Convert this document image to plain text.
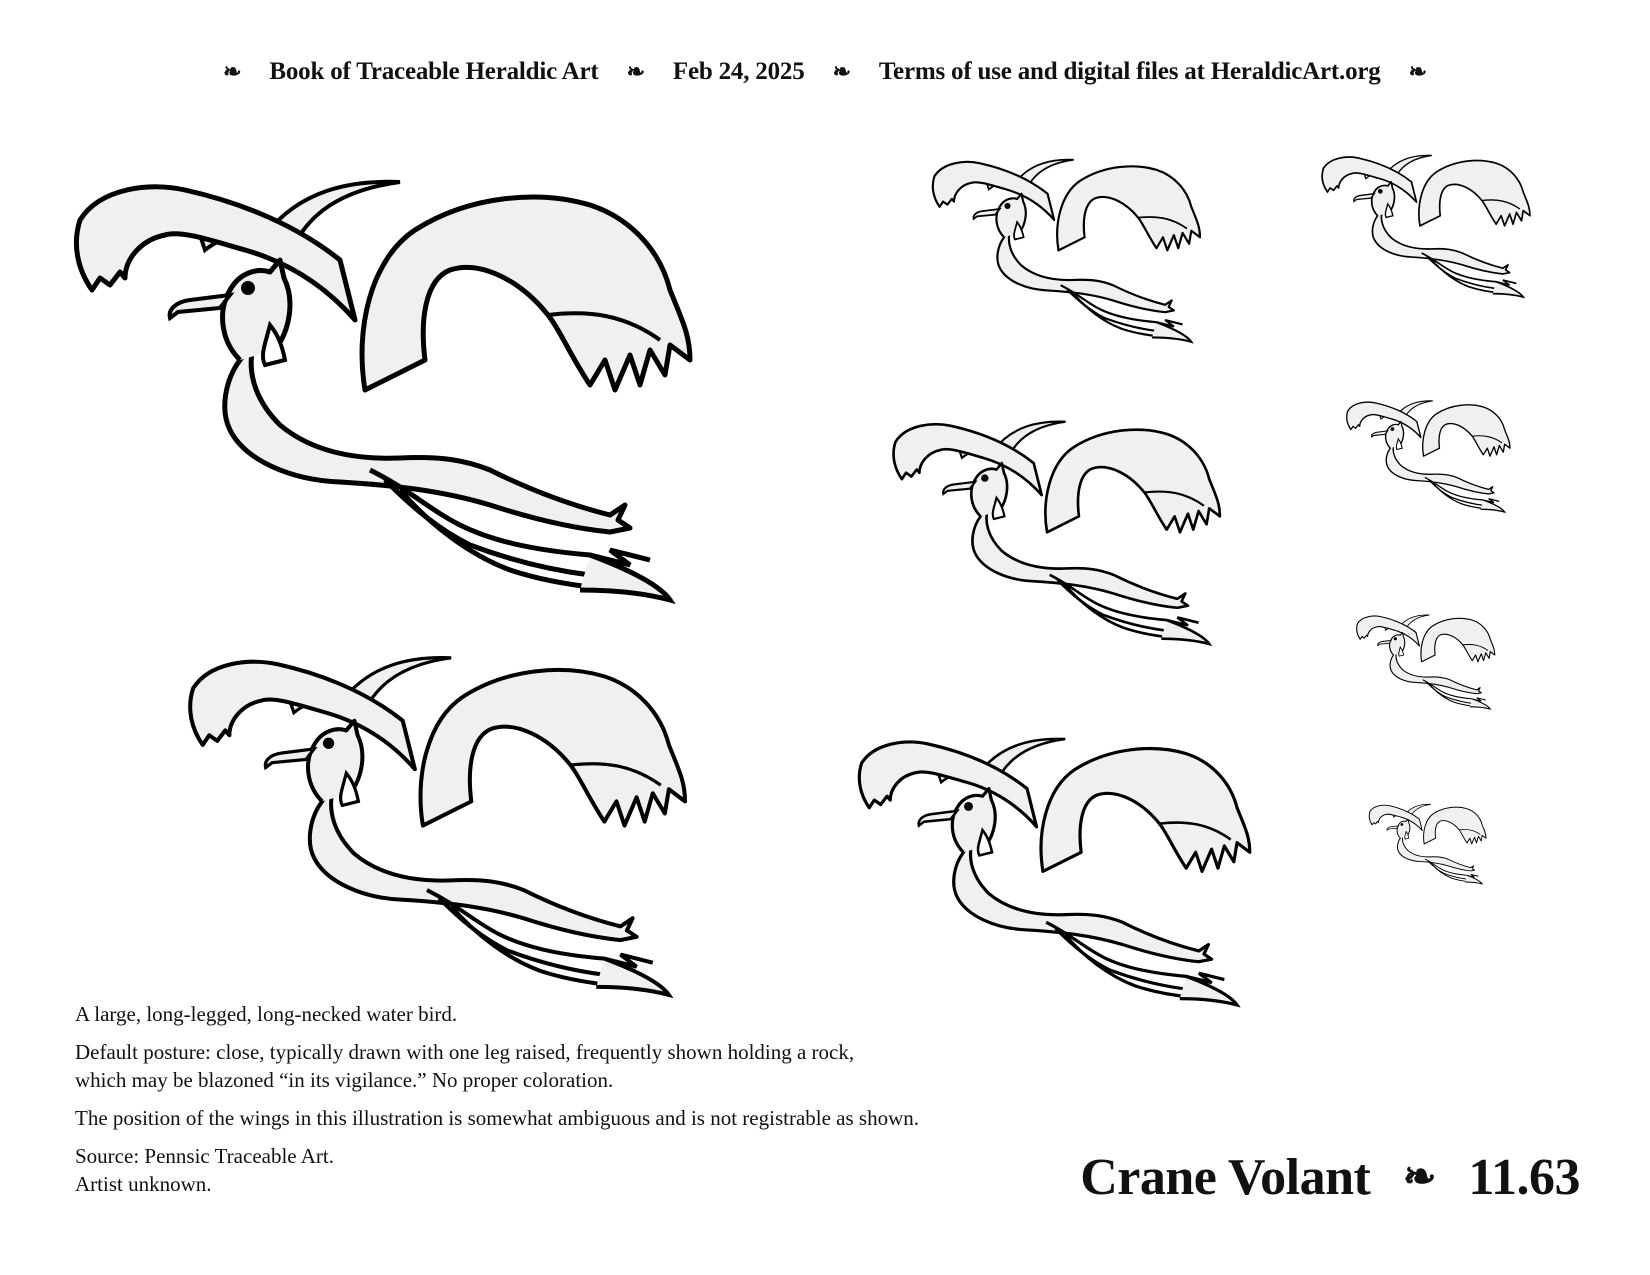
❧ Book of Traceable Heraldic Art ❧ Feb 24, 2025 ❧ Terms of use and digital files at HeraldicArt.org ❧

A large, long-legged, long-necked water bird.

Default posture: close, typically drawn with one leg raised, frequently shown holding a rock,
which may be blazoned “in its vigilance.” No proper coloration.

The position of the wings in this illustration is somewhat ambiguous and is not registrable as shown.

Source: Pennsic Traceable Art.
Artist unknown.	Crane Volant ❧ 11.63
